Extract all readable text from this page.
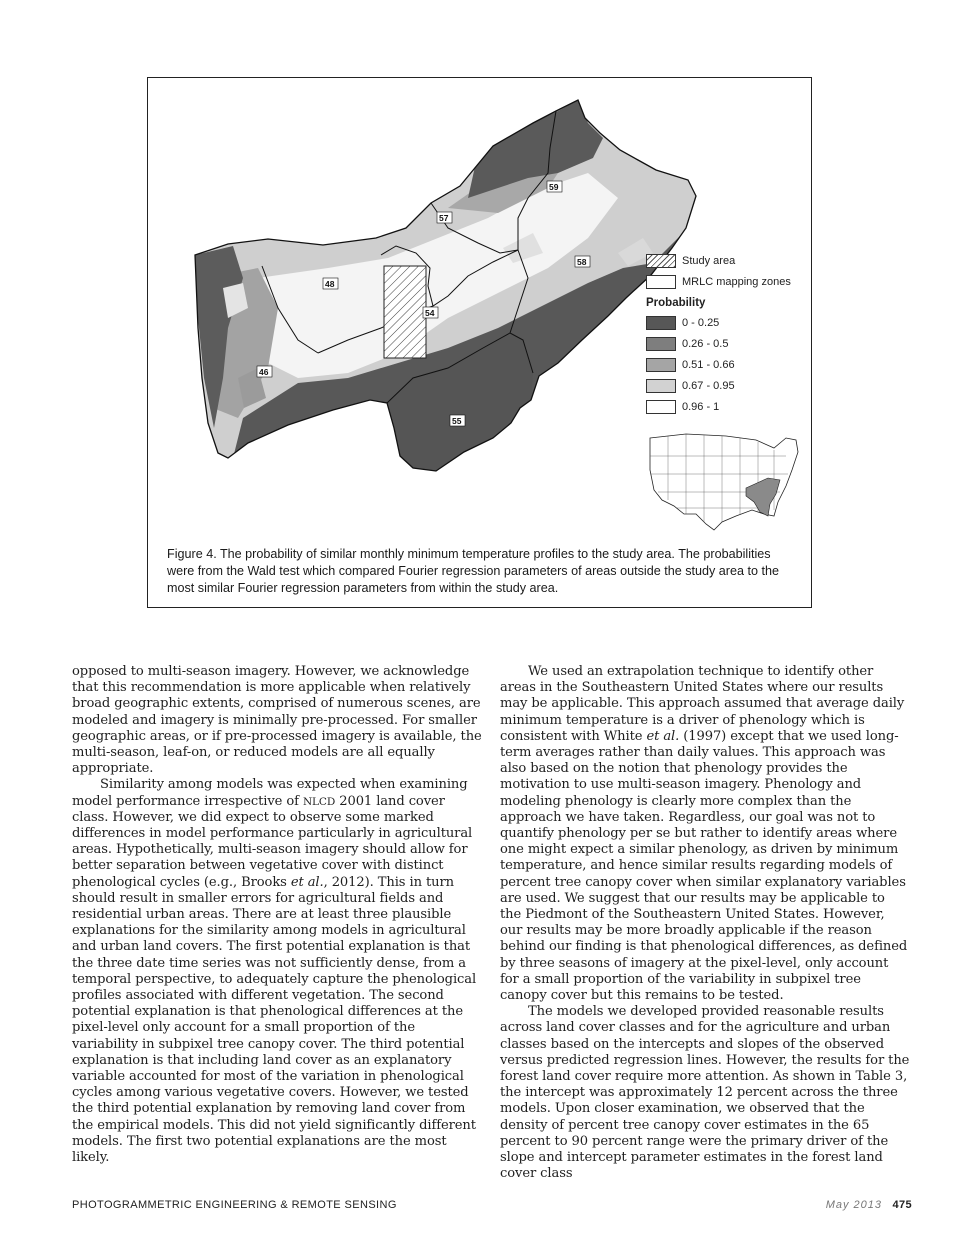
59
57
58
48
54
46
55
Study area
MRLC mapping zones
Probability
0 - 0.25
0.26 - 0.5
0.51 - 0.66
0.67 - 0.95
0.96 - 1
Figure 4. The probability of similar monthly minimum temperature profiles to the study area. The probabilities were from the Wald test which compared Fourier regression parameters of areas outside the study area to the most similar Fourier regression parameters from within the study area.

opposed to multi-season imagery. However, we acknowledge that this recommendation is more applicable when relatively broad geographic extents, comprised of numerous scenes, are modeled and imagery is minimally pre-processed. For smaller geographic areas, or if pre-processed imagery is available, the multi-season, leaf-on, or reduced models are all equally appropriate.

Similarity among models was expected when examining model performance irrespective of NLCD 2001 land cover class. However, we did expect to observe some marked differences in model performance particularly in agricultural areas. Hypothetically, multi-season imagery should allow for better separation between vegetative cover with distinct phenological cycles (e.g., Brooks et al., 2012). This in turn should result in smaller errors for agricultural fields and residential urban areas. There are at least three plausible explanations for the similarity among models in agricultural and urban land covers. The first potential explanation is that the three date time series was not sufficiently dense, from a temporal perspective, to adequately capture the phenological profiles associated with different vegetation. The second potential explanation is that phenological differences at the pixel-level only account for a small proportion of the variability in subpixel tree canopy cover. The third potential explanation is that including land cover as an explanatory variable accounted for most of the variation in phenological cycles among various vegetative covers. However, we tested the third potential explanation by removing land cover from the empirical models. This did not yield significantly different models. The first two potential explanations are the most likely.

We used an extrapolation technique to identify other areas in the Southeastern United States where our results may be applicable. This approach assumed that average daily minimum temperature is a driver of phenology which is consistent with White et al. (1997) except that we used long-term averages rather than daily values. This approach was also based on the notion that phenology provides the motivation to use multi-season imagery. Phenology and modeling phenology is clearly more complex than the approach we have taken. Regardless, our goal was not to quantify phenology per se but rather to identify areas where one might expect a similar phenology, as driven by minimum temperature, and hence similar results regarding models of percent tree canopy cover when similar explanatory variables are used. We suggest that our results may be applicable to the Piedmont of the Southeastern United States. However, our results may be more broadly applicable if the reason behind our finding is that phenological differences, as defined by three seasons of imagery at the pixel-level, only account for a small proportion of the variability in subpixel tree canopy cover but this remains to be tested.

The models we developed provided reasonable results across land cover classes and for the agriculture and urban classes based on the intercepts and slopes of the observed versus predicted regression lines. However, the results for the forest land cover require more attention. As shown in Table 3, the intercept was approximately 12 percent across the three models. Upon closer examination, we observed that the density of percent tree canopy cover estimates in the 65 percent to 90 percent range were the primary driver of the slope and intercept parameter estimates in the forest land cover class

PHOTOGRAMMETRIC ENGINEERING & REMOTE SENSING	May 2013 475
